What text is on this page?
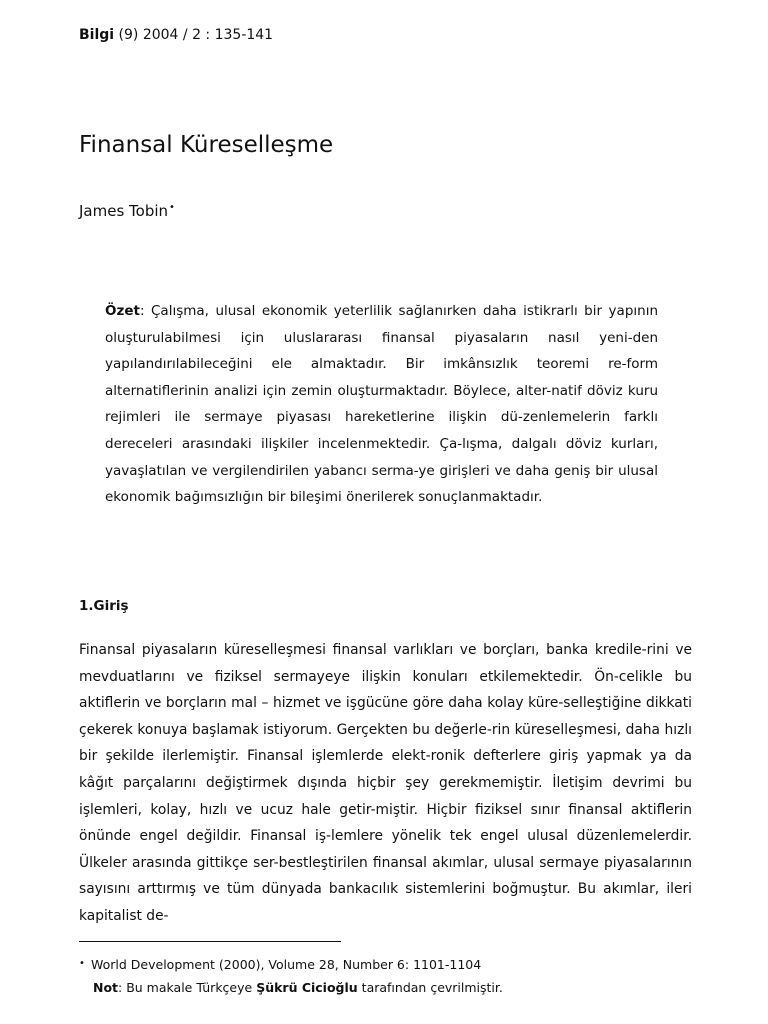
Bilgi (9) 2004 / 2 : 135-141
Finansal Küreselleşme
James Tobin•

Özet: Çalışma, ulusal ekonomik yeterlilik sağlanırken daha istikrarlı bir yapının oluşturulabilmesi için uluslararası finansal piyasaların nasıl yeni-den yapılandırılabileceğini ele almaktadır. Bir imkânsızlık teoremi re-form alternatiflerinin analizi için zemin oluşturmaktadır. Böylece, alter-natif döviz kuru rejimleri ile sermaye piyasası hareketlerine ilişkin dü-zenlemelerin farklı dereceleri arasındaki ilişkiler incelenmektedir. Ça-lışma, dalgalı döviz kurları, yavaşlatılan ve vergilendirilen yabancı serma-ye girişleri ve daha geniş bir ulusal ekonomik bağımsızlığın bir bileşimi önerilerek sonuçlanmaktadır.

1.Giriş

Finansal piyasaların küreselleşmesi finansal varlıkları ve borçları, banka kredile-rini ve mevduatlarını ve fiziksel sermayeye ilişkin konuları etkilemektedir. Ön-celikle bu aktiflerin ve borçların mal – hizmet ve işgücüne göre daha kolay küre-selleştiğine dikkati çekerek konuya başlamak istiyorum. Gerçekten bu değerle-rin küreselleşmesi, daha hızlı bir şekilde ilerlemiştir. Finansal işlemlerde elekt-ronik defterlere giriş yapmak ya da kâğıt parçalarını değiştirmek dışında hiçbir şey gerekmemiştir. İletişim devrimi bu işlemleri, kolay, hızlı ve ucuz hale getir-miştir. Hiçbir fiziksel sınır finansal aktiflerin önünde engel değildir. Finansal iş-lemlere yönelik tek engel ulusal düzenlemelerdir. Ülkeler arasında gittikçe ser-bestleştirilen finansal akımlar, ulusal sermaye piyasalarının sayısını arttırmış ve tüm dünyada bankacılık sistemlerini boğmuştur. Bu akımlar, ileri kapitalist de-

• World Development (2000), Volume 28, Number 6: 1101-1104
Not: Bu makale Türkçeye Şükrü Cicioğlu tarafından çevrilmiştir.
